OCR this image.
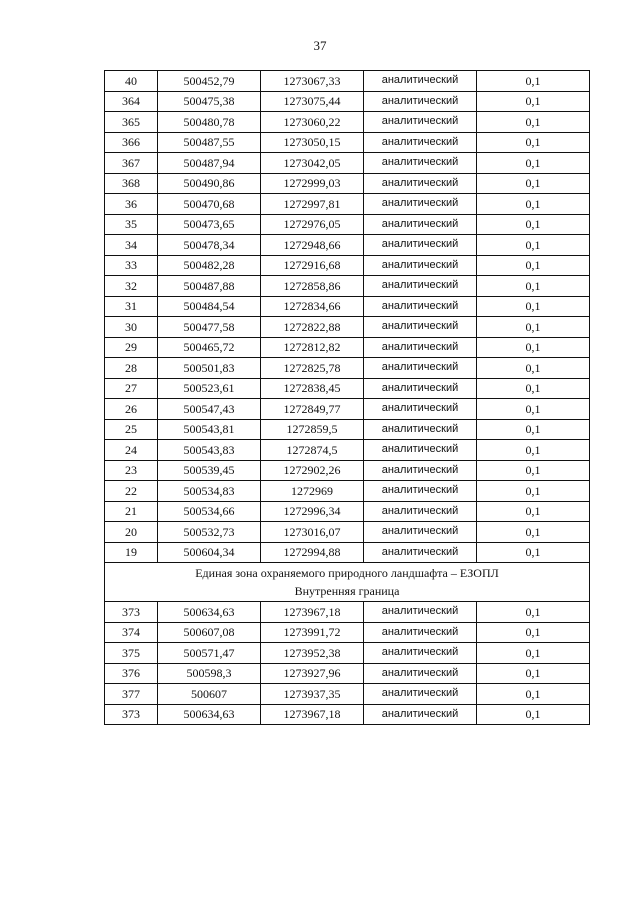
37
40	500452,79	1273067,33	аналитический	0,1
364	500475,38	1273075,44	аналитический	0,1
365	500480,78	1273060,22	аналитический	0,1
366	500487,55	1273050,15	аналитический	0,1
367	500487,94	1273042,05	аналитический	0,1
368	500490,86	1272999,03	аналитический	0,1
36	500470,68	1272997,81	аналитический	0,1
35	500473,65	1272976,05	аналитический	0,1
34	500478,34	1272948,66	аналитический	0,1
33	500482,28	1272916,68	аналитический	0,1
32	500487,88	1272858,86	аналитический	0,1
31	500484,54	1272834,66	аналитический	0,1
30	500477,58	1272822,88	аналитический	0,1
29	500465,72	1272812,82	аналитический	0,1
28	500501,83	1272825,78	аналитический	0,1
27	500523,61	1272838,45	аналитический	0,1
26	500547,43	1272849,77	аналитический	0,1
25	500543,81	1272859,5	аналитический	0,1
24	500543,83	1272874,5	аналитический	0,1
23	500539,45	1272902,26	аналитический	0,1
22	500534,83	1272969	аналитический	0,1
21	500534,66	1272996,34	аналитический	0,1
20	500532,73	1273016,07	аналитический	0,1
19	500604,34	1272994,88	аналитический	0,1

Единая зона охраняемого природного ландшафта – ЕЗОПЛ
Внутренняя граница				

373	500634,63	1273967,18	аналитический	0,1
374	500607,08	1273991,72	аналитический	0,1
375	500571,47	1273952,38	аналитический	0,1
376	500598,3	1273927,96	аналитический	0,1
377	500607	1273937,35	аналитический	0,1
373	500634,63	1273967,18	аналитический	0,1
